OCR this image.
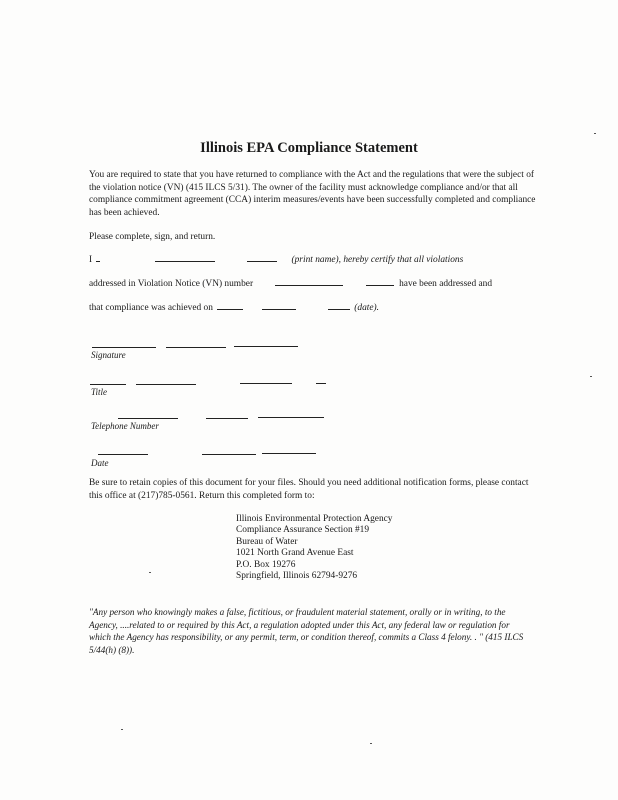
Illinois EPA Compliance Statement
You are required to state that you have returned to compliance with the Act and the regulations that were the subject of the violation notice (VN) (415 ILCS 5/31). The owner of the facility must acknowledge compliance and/or that all compliance commitment agreement (CCA) interim measures/events have been successfully completed and compliance has been achieved.
Please complete, sign, and return.
I	(print name), hereby certify that all violations
addressed in Violation Notice (VN) number	have been addressed and
that compliance was achieved on	(date).
Signature
Title
Telephone Number
Date
Be sure to retain copies of this document for your files. Should you need additional notification forms, please contact this office at (217)785-0561. Return this completed form to:
Illinois Environmental Protection Agency
Compliance Assurance Section #19
Bureau of Water
1021 North Grand Avenue East
P.O. Box 19276
Springfield, Illinois 62794-9276
"Any person who knowingly makes a false, fictitious, or fraudulent material statement, orally or in writing, to the Agency, ....related to or required by this Act, a regulation adopted under this Act, any federal law or regulation for which the Agency has responsibility, or any permit, term, or condition thereof, commits a Class 4 felony. . " (415 ILCS 5/44(h) (8)).
